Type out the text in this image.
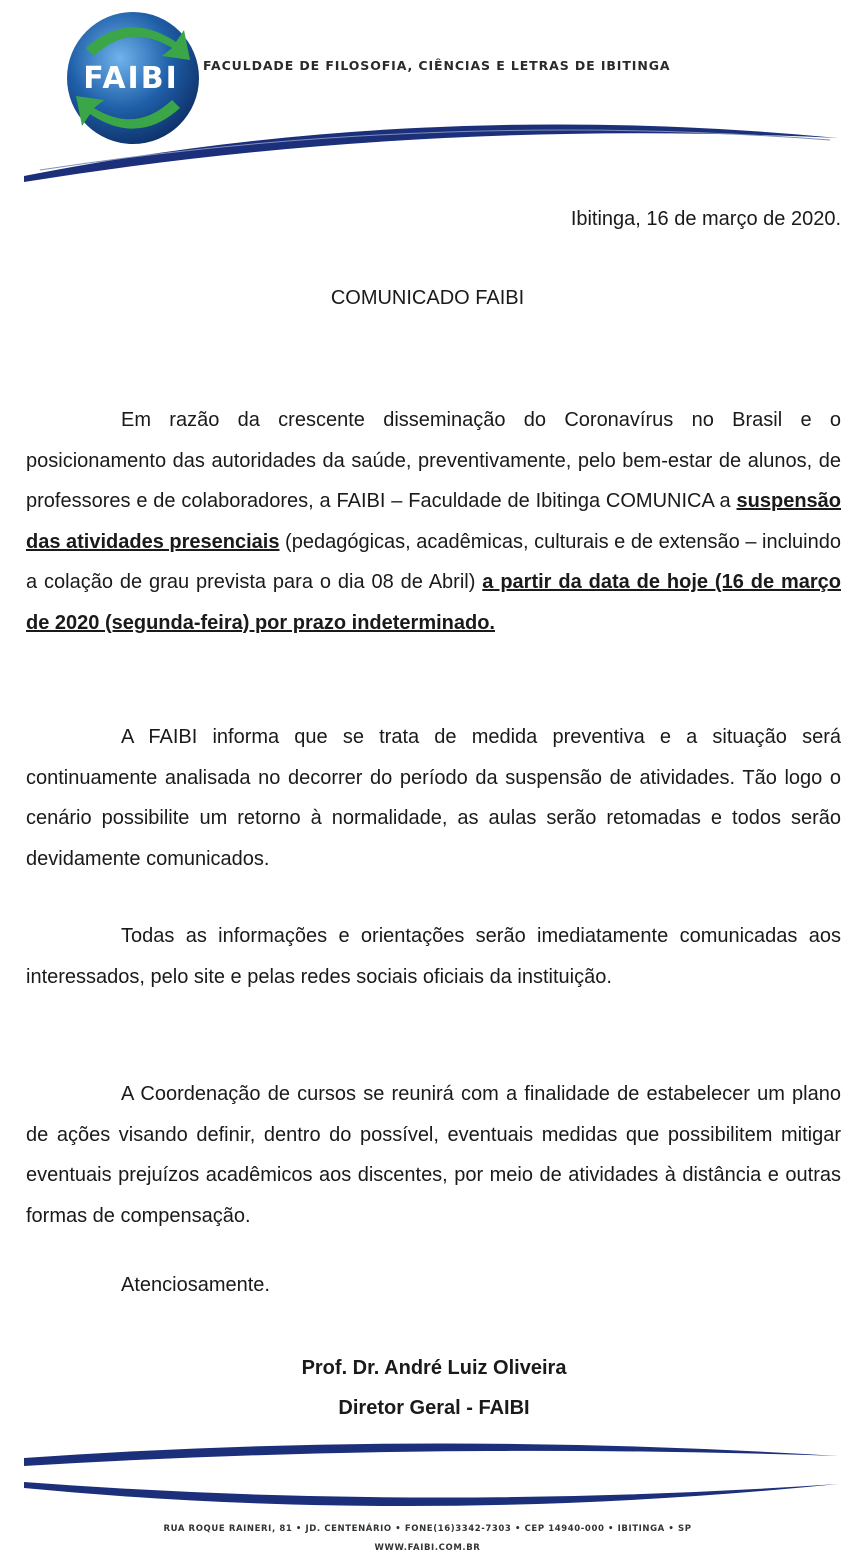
FAIBI FACULDADE DE FILOSOFIA, CIÊNCIAS E LETRAS DE IBITINGA
Ibitinga, 16 de março de 2020.
COMUNICADO FAIBI

Em razão da crescente disseminação do Coronavírus no Brasil e o posicionamento das autoridades da saúde, preventivamente, pelo bem-estar de alunos, de professores e de colaboradores, a FAIBI – Faculdade de Ibitinga COMUNICA a suspensão das atividades presenciais (pedagógicas, acadêmicas, culturais e de extensão – incluindo a colação de grau prevista para o dia 08 de Abril) a partir da data de hoje (16 de março de 2020 (segunda-feira) por prazo indeterminado.

A FAIBI informa que se trata de medida preventiva e a situação será continuamente analisada no decorrer do período da suspensão de atividades. Tão logo o cenário possibilite um retorno à normalidade, as aulas serão retomadas e todos serão devidamente comunicados.

Todas as informações e orientações serão imediatamente comunicadas aos interessados, pelo site e pelas redes sociais oficiais da instituição.

A Coordenação de cursos se reunirá com a finalidade de estabelecer um plano de ações visando definir, dentro do possível, eventuais medidas que possibilitem mitigar eventuais prejuízos acadêmicos aos discentes, por meio de atividades à distância e outras formas de compensação.

Atenciosamente.
Prof. Dr. André Luiz Oliveira
Diretor Geral - FAIBI
RUA ROQUE RAINERI, 81 • JD. CENTENÁRIO • FONE(16)3342-7303 • CEP 14940-000 • IBITINGA • SP
WWW.FAIBI.COM.BR
